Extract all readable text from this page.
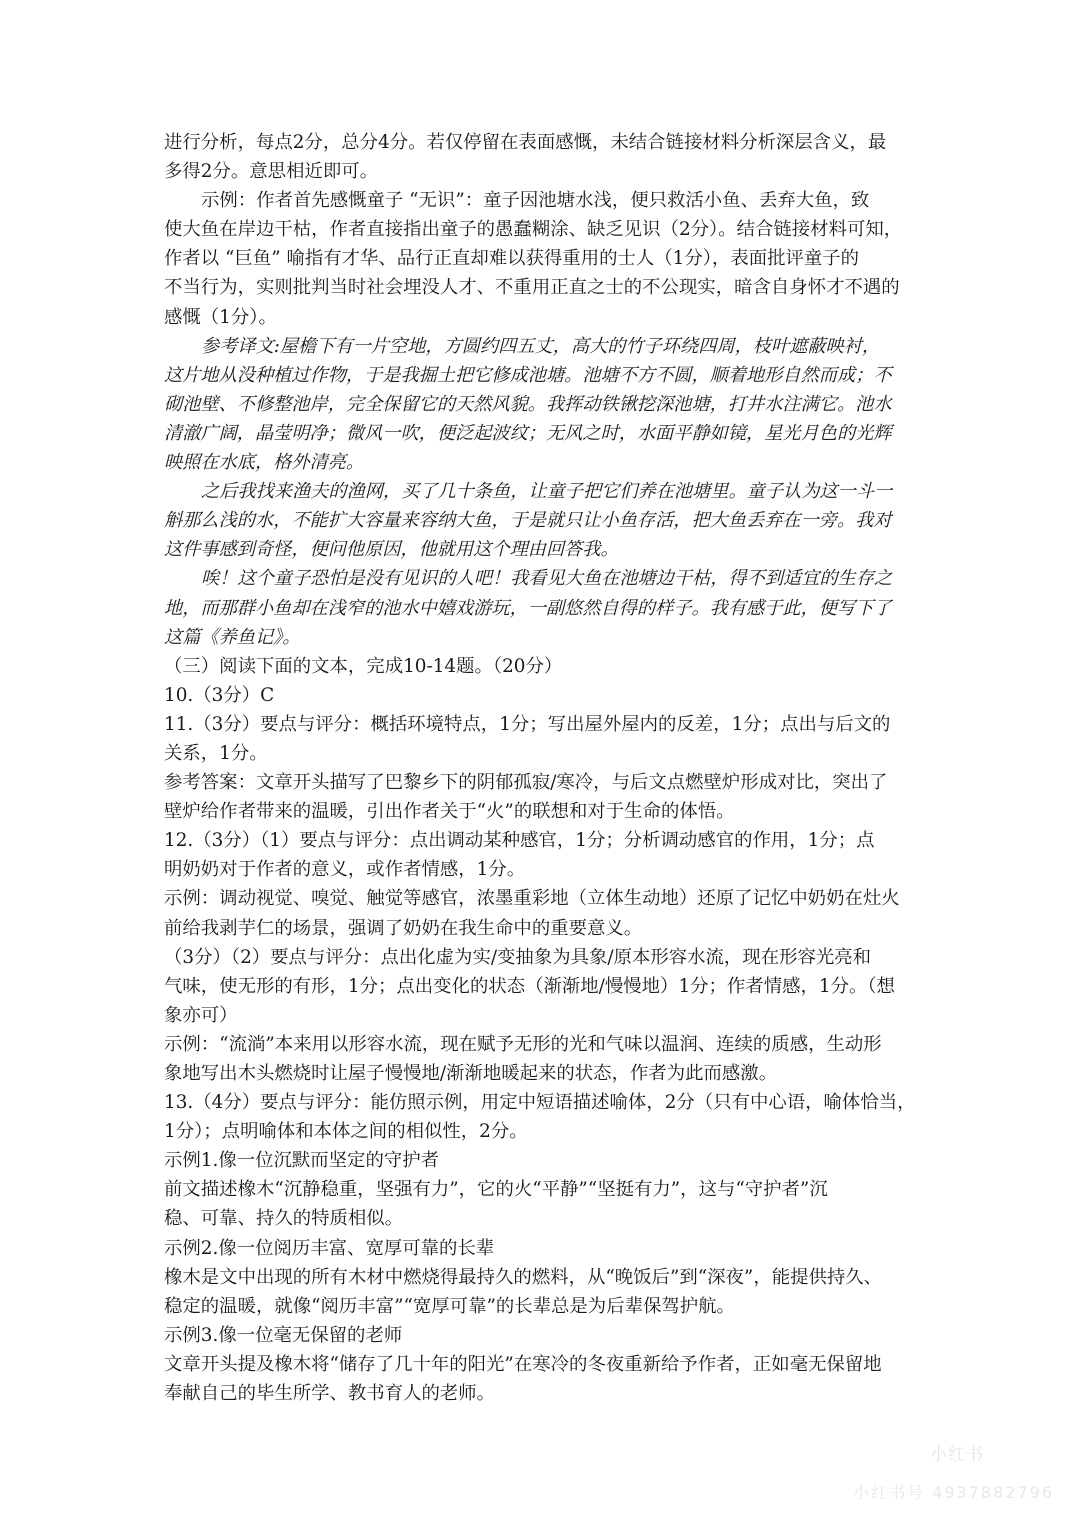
进行分析，每点2分，总分4分。若仅停留在表面感慨，未结合链接材料分析深层含义，最
多得2分。意思相近即可。
示例：作者首先感慨童子 “无识”：童子因池塘水浅，便只救活小鱼、丢弃大鱼，致
使大鱼在岸边干枯，作者直接指出童子的愚蠢糊涂、缺乏见识（2分）。结合链接材料可知，
作者以 “巨鱼” 喻指有才华、品行正直却难以获得重用的士人（1分），表面批评童子的
不当行为，实则批判当时社会埋没人才、不重用正直之士的不公现实，暗含自身怀才不遇的
感慨（1分）。
参考译文:屋檐下有一片空地，方圆约四五丈，高大的竹子环绕四周，枝叶遮蔽映衬，
这片地从没种植过作物，于是我掘土把它修成池塘。池塘不方不圆，顺着地形自然而成；不
砌池壁、不修整池岸，完全保留它的天然风貌。我挥动铁锹挖深池塘，打井水注满它。池水
清澈广阔，晶莹明净；微风一吹，便泛起波纹；无风之时，水面平静如镜，星光月色的光辉
映照在水底，格外清亮。
之后我找来渔夫的渔网，买了几十条鱼，让童子把它们养在池塘里。童子认为这一斗一
斛那么浅的水，不能扩大容量来容纳大鱼，于是就只让小鱼存活，把大鱼丢弃在一旁。我对
这件事感到奇怪，便问他原因，他就用这个理由回答我。
唉！这个童子恐怕是没有见识的人吧！我看见大鱼在池塘边干枯，得不到适宜的生存之
地，而那群小鱼却在浅窄的池水中嬉戏游玩，一副悠然自得的样子。我有感于此，便写下了
这篇《养鱼记》。
（三）阅读下面的文本，完成10-14题。（20分）
10.（3分）C
11.（3分）要点与评分：概括环境特点，1分；写出屋外屋内的反差，1分；点出与后文的
关系，1分。
参考答案：文章开头描写了巴黎乡下的阴郁孤寂/寒冷，与后文点燃壁炉形成对比，突出了
壁炉给作者带来的温暖，引出作者关于“火”的联想和对于生命的体悟。
12.（3分）（1）要点与评分：点出调动某种感官，1分；分析调动感官的作用，1分；点
明奶奶对于作者的意义，或作者情感，1分。
示例：调动视觉、嗅觉、触觉等感官，浓墨重彩地（立体生动地）还原了记忆中奶奶在灶火
前给我剥芋仁的场景，强调了奶奶在我生命中的重要意义。
（3分）（2）要点与评分：点出化虚为实/变抽象为具象/原本形容水流，现在形容光亮和
气味，使无形的有形，1分；点出变化的状态（渐渐地/慢慢地）1分；作者情感，1分。（想
象亦可）
示例：“流淌”本来用以形容水流，现在赋予无形的光和气味以温润、连续的质感，生动形
象地写出木头燃烧时让屋子慢慢地/渐渐地暖起来的状态，作者为此而感激。
13.（4分）要点与评分：能仿照示例，用定中短语描述喻体，2分（只有中心语，喻体恰当，
1分）；点明喻体和本体之间的相似性，2分。
示例1.像一位沉默而坚定的守护者
前文描述橡木“沉静稳重，坚强有力”，它的火“平静”“坚挺有力”，这与“守护者”沉
稳、可靠、持久的特质相似。
示例2.像一位阅历丰富、宽厚可靠的长辈
橡木是文中出现的所有木材中燃烧得最持久的燃料，从“晚饭后”到“深夜”，能提供持久、
稳定的温暖，就像“阅历丰富”“宽厚可靠”的长辈总是为后辈保驾护航。
示例3.像一位毫无保留的老师
文章开头提及橡木将“储存了几十年的阳光”在寒冷的冬夜重新给予作者，正如毫无保留地
奉献自己的毕生所学、教书育人的老师。
小红书
小红书号 4937882796
